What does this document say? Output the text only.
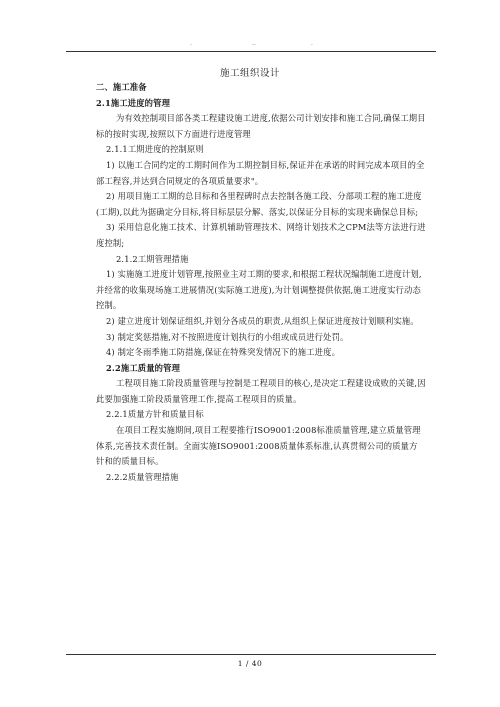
.	..	.
施工组织设计

二、施工准备

2.1施工进度的管理

为有效控制项目部各类工程建设施工进度,依据公司计划安排和施工合同,确保工期目标的按时实现,按照以下方面进行进度管理

2.1.1工期进度的控制原则

1) 以施工合同约定的工期时间作为工期控制目标,保证并在承诺的时间完成本项目的全部工程容,并达到合同规定的各项质量要求"。

2) 用项目施工工期的总目标和各里程碑时点去控制各施工段、分部项工程的施工进度(工期),以此为据确定分目标,将目标层层分解、落实,以保证分目标的实现来确保总目标;

3) 采用信息化施工技术、计算机辅助管理技术、网络计划技术之CPM法等方法进行进度控制;

2.1.2工期管理措施

1) 实施施工进度计划管理,按照业主对工期的要求,和根据工程状况编制施工进度计划,并经常的收集现场施工进展情况(实际施工进度),为计划调整提供依据,施工进度实行动态控制。

2) 建立进度计划保证组织,并划分各成员的职责,从组织上保证进度按计划顺利实施。

3) 制定奖惩措施,对不按照进度计划执行的小组或成员进行处罚。

4) 制定冬雨季施工防措施,保证在特殊突发情况下的施工进度。

2.2施工质量的管理

工程项目施工阶段质量管理与控制是工程项目的核心,是决定工程建设成败的关键,因此要加强施工阶段质量管理工作,提高工程项目的质量。

2.2.1质量方针和质量目标

在项目工程实施期间,项目工程要推行ISO9001:2008标准质量管理,建立质量管理体系,完善技术责任制。全面实施ISO9001:2008质量体系标准,认真贯彻公司的质量方针和的质量目标。

2.2.2质量管理措施

1 / 40
